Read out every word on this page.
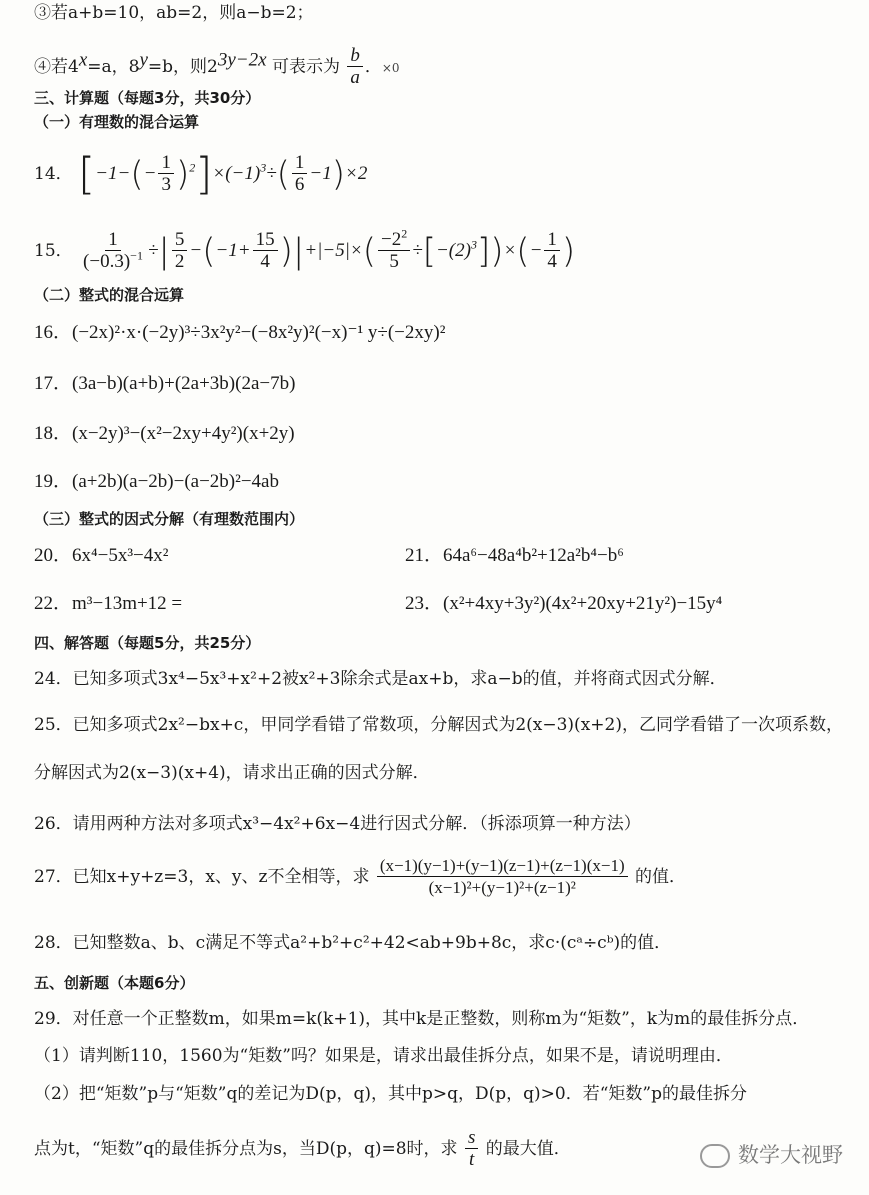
③若a+b=10，ab=2，则a−b=2；
④若$4^x=a$，$8^y=b$，则$2^{3y-2x}$ 可表示为 $\frac{b}{a}$ ．×0
三、计算题（每题3分，共30分）
（一）有理数的混合运算
14． $[-1-(- \frac{1}{3} )^2]\times(-1)^3\div( \frac{1}{6} -1)\times 2$
15． $\frac{1}{(-0.3)^{-1}}$ ÷| $\frac{5}{2} -(-1+ \frac{15}{4} )|+|-5|\times( \frac{-2^2}{5} \div[-(2)^3])\times(- \frac{1}{4}$ )
（二）整式的混合远算
16．(−2x)²·x·(−2y)³÷3x²y²−(−8x²y)²(−x)⁻¹ y÷(−2xy)²
17．(3a−b)(a+b)+(2a+3b)(2a−7b)
18．(x−2y)³−(x²−2xy+4y²)(x+2y)
19．(a+2b)(a−2b)−(a−2b)²−4ab
（三）整式的因式分解（有理数范围内）
20．6x⁴−5x³−4x²	21．64a⁶−48a⁴b²+12a²b⁴−b⁶
22．m³−13m+12 =	23．(x²+4xy+3y²)(4x²+20xy+21y²)−15y⁴
四、解答题（每题5分，共25分）
24．已知多项式3x⁴−5x³+x²+2被x²+3除余式是ax+b，求a−b的值，并将商式因式分解．
25．已知多项式2x²−bx+c，甲同学看错了常数项，分解因式为2(x−3)(x+2)，乙同学看错了一次项系数，
分解因式为2(x−3)(x+4)，请求出正确的因式分解．
26．请用两种方法对多项式x³−4x²+6x−4进行因式分解．（拆添项算一种方法）
27．已知x+y+z=3，x、y、z不全相等，求 $\frac{(x-1)(y-1)+(y-1)(z-1)+(z-1)(x-1)}{\text{(x−1)²+(y−1)²+(z−1)²}}$ 的值．
28．已知整数a、b、c满足不等式a²+b²+c²+42<ab+9b+8c，求c·(cᵃ÷cᵇ)的值．
五、创新题（本题6分）
29．对任意一个正整数m，如果m=k(k+1)，其中k是正整数，则称m为“矩数”，k为m的最佳拆分点．
（1）请判断110，1560为“矩数”吗？如果是，请求出最佳拆分点，如果不是，请说明理由．
（2）把“矩数”p与“矩数”q的差记为D(p，q)，其中p>q，D(p，q)>0．若“矩数”p的最佳拆分
点为t，“矩数”q的最佳拆分点为s，当D(p，q)=8时，求 $\frac{s}{t}$ 的最大值．	数学大视野
